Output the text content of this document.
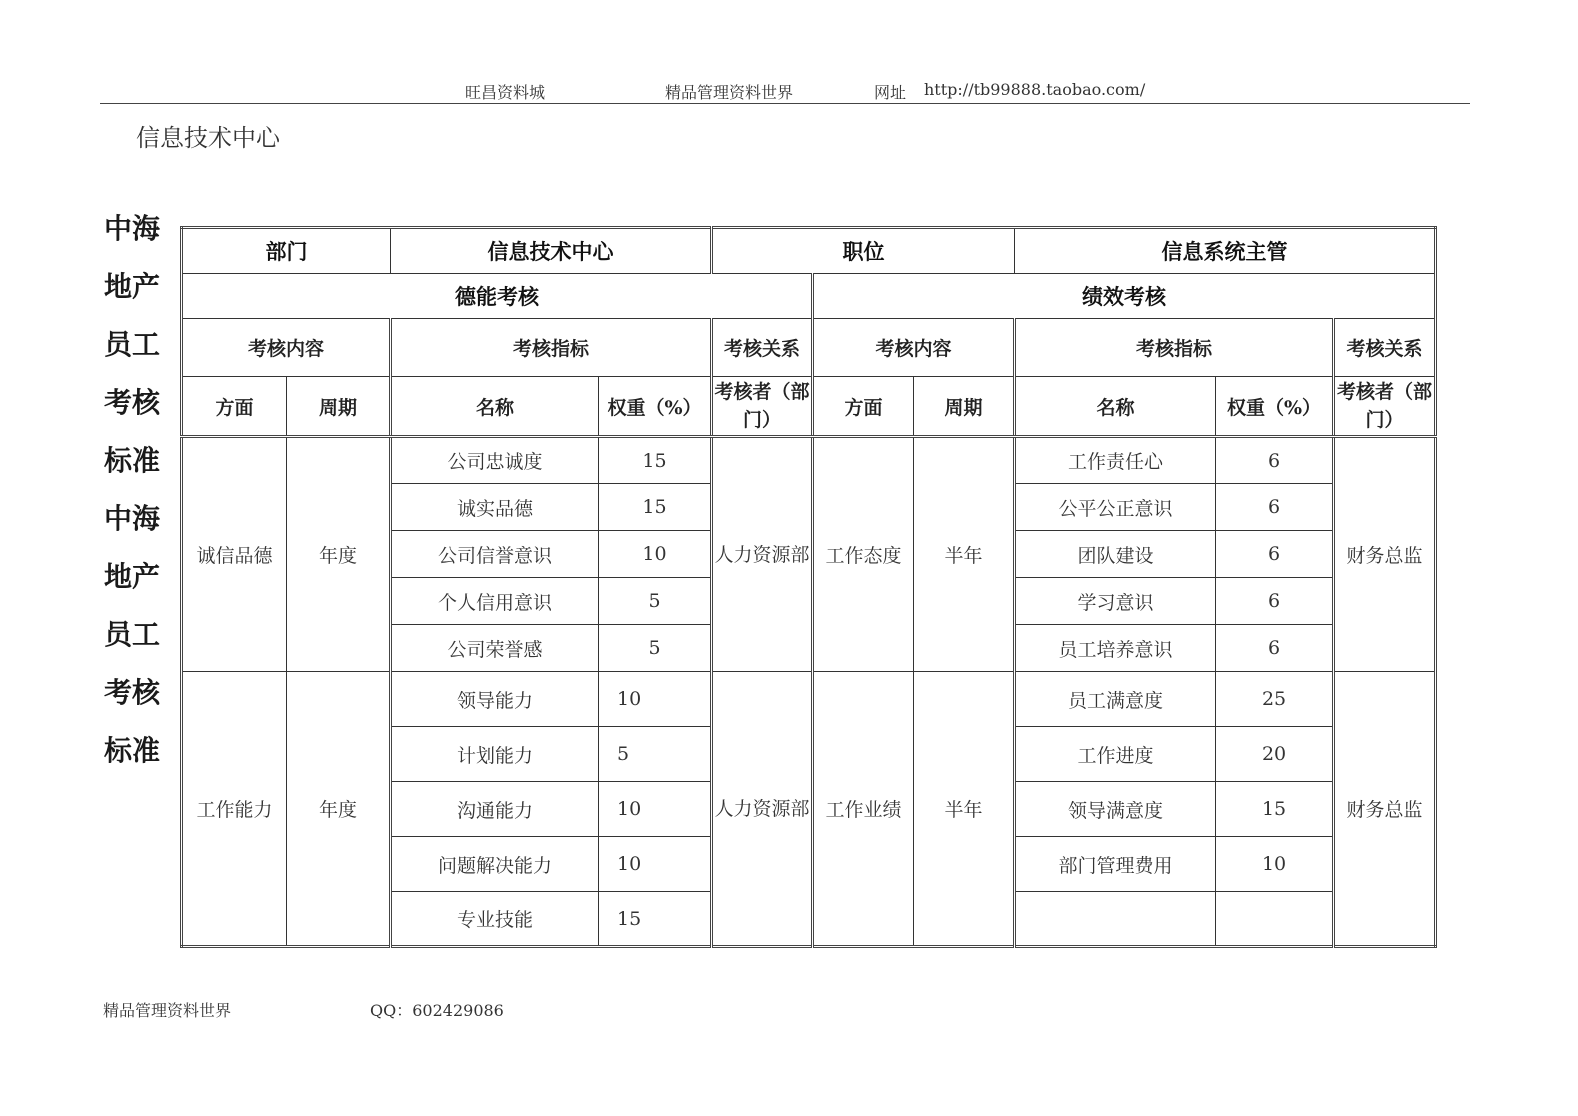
旺昌资料城	精品管理资料世界	网址 http://tb99888.taobao.com/
信息技术中心
中海
地产
员工
考核
标准
中海
地产
员工
考核
标准
部门		信息技术中心		职位			信息系统主管		
德能考核					绩效考核				
考核内容		考核指标		考核关系	考核内容		考核指标		考核关系
方面	周期	名称	权重（%）	考核者（部门）	方面	周期	名称	权重（%）	考核者（部门）
诚信品德	年度	公司忠诚度	15	人力资源部	工作态度	半年	工作责任心	6	财务总监
		诚实品德	15				公平公正意识	6	
		公司信誉意识	10				团队建设	6	
		个人信用意识	5				学习意识	6	
		公司荣誉感	5				员工培养意识	6	
工作能力	年度	领导能力	10	人力资源部	工作业绩	半年	员工满意度	25	财务总监
		计划能力	5				工作进度	20	
		沟通能力	10				领导满意度	15	
		问题解决能力	10				部门管理费用	10	
		专业技能	15						
精品管理资料世界	QQ：602429086
